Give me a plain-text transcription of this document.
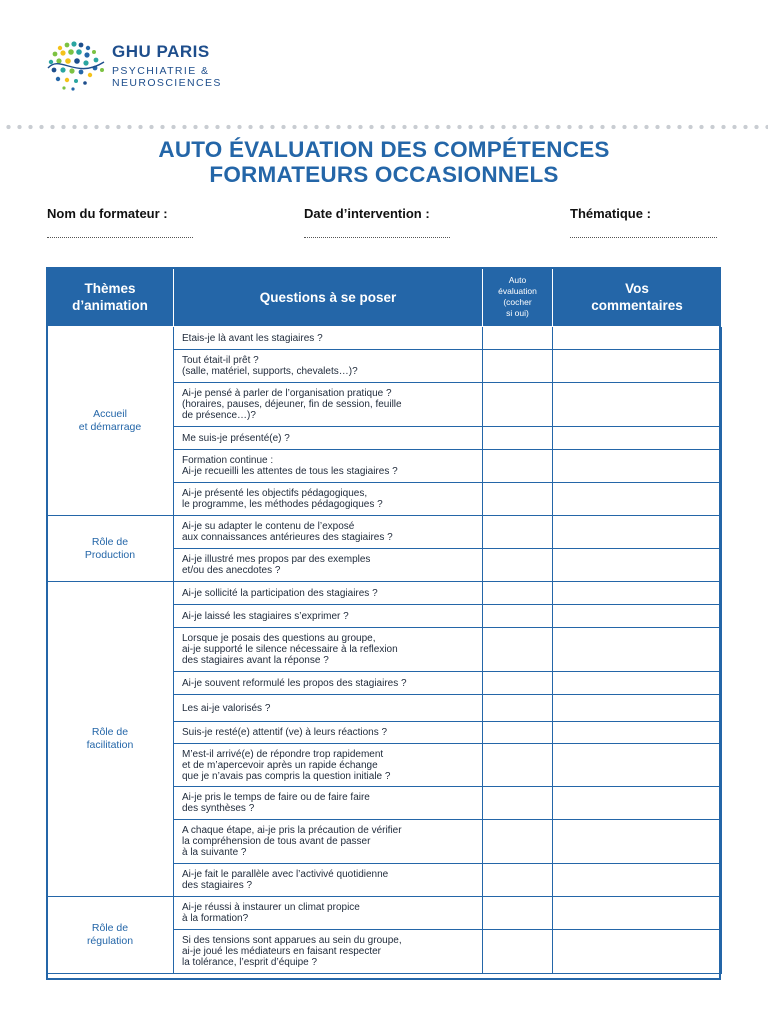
GHU PARIS
PSYCHIATRIE &
NEUROSCIENCES
AUTO ÉVALUATION DES COMPÉTENCES
FORMATEURS OCCASIONNELS
Nom du formateur :	Date d’intervention :	Thématique :
Thèmes
d’animation	Questions à se poser	Auto
évaluation
(cocher
si oui)	Vos
commentaires
Accueil
et démarrage	Etais-je là avant les stagiaires ?		
	Tout était-il prêt ?
(salle, matériel, supports, chevalets…)?		
	Ai-je pensé à parler de l’organisation pratique ?
(horaires, pauses, déjeuner, fin de session, feuille
de présence…)?		
	Me suis-je présenté(e) ?		
	Formation continue :
Ai-je recueilli les attentes de tous les stagiaires ?		
	Ai-je présenté les objectifs pédagogiques,
le programme, les méthodes pédagogiques ?		
Rôle de
Production	Ai-je su adapter le contenu de l’exposé
aux connaissances antérieures des stagiaires ?		
	Ai-je illustré mes propos par des exemples
et/ou des anecdotes ?		
Rôle de
facilitation	Ai-je sollicité la participation des stagiaires ?		
	Ai-je laissé les stagiaires s’exprimer ?		
	Lorsque je posais des questions au groupe,
ai-je supporté le silence nécessaire à la reflexion
des stagiaires avant la réponse ?		
	Ai-je souvent reformulé les propos des stagiaires ?		
	Les ai-je valorisés ?		
	Suis-je resté(e) attentif (ve) à leurs réactions ?		
	M’est-il arrivé(e) de répondre trop rapidement
et de m’apercevoir après un rapide échange
que je n’avais pas compris la question initiale ?		
	Ai-je pris le temps de faire ou de faire faire
des synthèses ?		
	A chaque étape, ai-je pris la précaution de vérifier
la compréhension de tous avant de passer
à la suivante ?		
	Ai-je fait le parallèle avec l’activivé quotidienne
des stagiaires ?		
Rôle de
régulation	Ai-je réussi à instaurer un climat propice
à la formation?		
	Si des tensions sont apparues au sein du groupe,
ai-je joué les médiateurs en faisant respecter
la tolérance, l’esprit d’équipe ?		
